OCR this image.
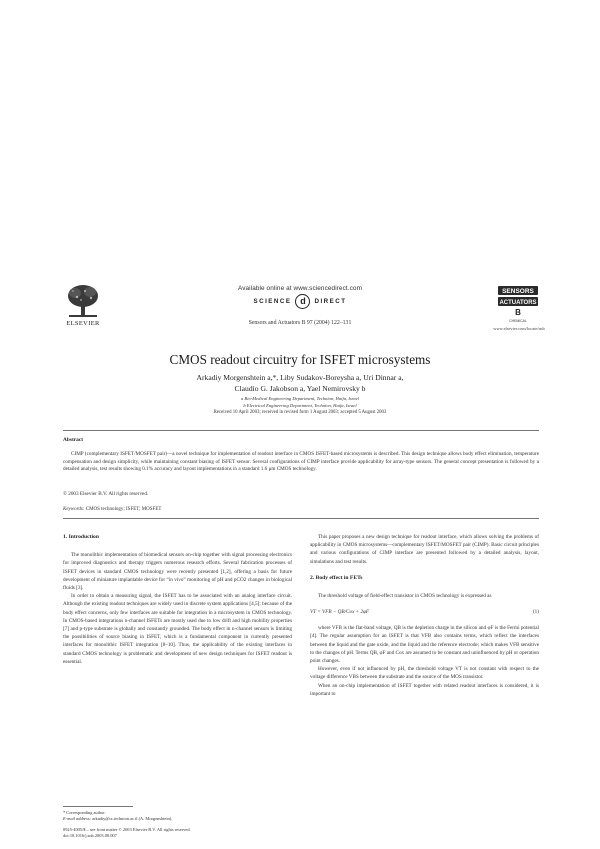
Available online at www.sciencedirect.com
SCIENCE d	DIRECT
Sensors and Actuators B 97 (2004) 122–131
ELSEVIER
SENSORS
ACTUATORS
B
CHEMICAL
www.elsevier.com/locate/snb
CMOS readout circuitry for ISFET microsystems
Arkadiy Morgenshtein a,*, Liby Sudakov-Boreysha a, Uri Dinnar a,
Claudio G. Jakobson a, Yael Nemirovsky b
a Bio-Medical Engineering Department, Technion, Haifa, Israel
b Electrical Engineering Department, Technion, Haifa, Israel
Received 10 April 2003; received in revised form 1 August 2003; accepted 5 August 2003
Abstract
CIMP (complementary ISFET/MOSFET pair)—a novel technique for implementation of readout interface in CMOS ISFET-based microsystems is described. This design technique allows body effect elimination, temperature compensation and design simplicity, while maintaining constant biasing of ISFET sensor. Several configurations of CIMP interface provide applicability for array-type sensors. The general concept presentation is followed by a detailed analysis, test results showing 0.1% accuracy and layout implementations in a standard 1.6 μm CMOS technology.
© 2003 Elsevier B.V. All rights reserved.
Keywords: CMOS technology; ISFET; MOSFET
1. Introduction
The monolithic implementation of biomedical sensors on-chip together with signal processing electronics for improved diagnostics and therapy triggers numerous research efforts. Several fabrication processes of ISFET devices in standard CMOS technology were recently presented [1,2], offering a basis for future development of miniature implantable device for “in vivo” monitoring of pH and pCO2 changes in biological fluids [3].
In order to obtain a measuring signal, the ISFET has to be associated with an analog interface circuit. Although the existing readout techniques are widely used in discrete system applications [4,5]; because of the body effect concerns, only few interfaces are suitable for integration in a microsystem in CMOS technology. In CMOS-based integrations n-channel ISFETs are mostly used due to low drift and high mobility properties [7] and p-type substrate is globally and constantly grounded. The body effect in n-channel sensors is limiting the possibilities of source biasing in ISFET, which is a fundamental component in currently presented interfaces for monolithic ISFET integration [8–10]. Thus, the applicability of the existing interfaces in standard CMOS technology is problematic and development of new design techniques for ISFET readout is essential.
This paper proposes a new design technique for readout interface, which allows solving the problems of applicability in CMOS microsystems—complementary ISFET/MOSFET pair (CIMP). Basic circuit principles and various configurations of CIMP interface are presented followed by a detailed analysis, layout, simulations and test results.
2. Body effect in FETs
The threshold voltage of field-effect transistor in CMOS technology is expressed as
VT = VFB − QB/Cox + 2φF	(1)
where VFB is the flat-band voltage, QB is the depletion charge in the silicon and φF is the Fermi potential [4]. The regular assumption for an ISFET is that VFB also contains terms, which reflect the interfaces between the liquid and the gate oxide, and the liquid and the reference electrode; which makes VFB sensitive to the changes of pH. Terms QB, φF and Cox are assumed to be constant and uninfluenced by pH or operation point changes.
However, even if not influenced by pH, the threshold voltage VT is not constant with respect to the voltage difference VBS between the substrate and the source of the MOS transistor.
When an on-chip implementation of ISFET together with related readout interfaces is considered, it is important to
* Corresponding author.
E-mail address: arkadiy@tx.technion.ac.il (A. Morgenshtein).
0925-4005/$ – see front matter © 2003 Elsevier B.V. All rights reserved.
doi:10.1016/j.snb.2003.08.007
